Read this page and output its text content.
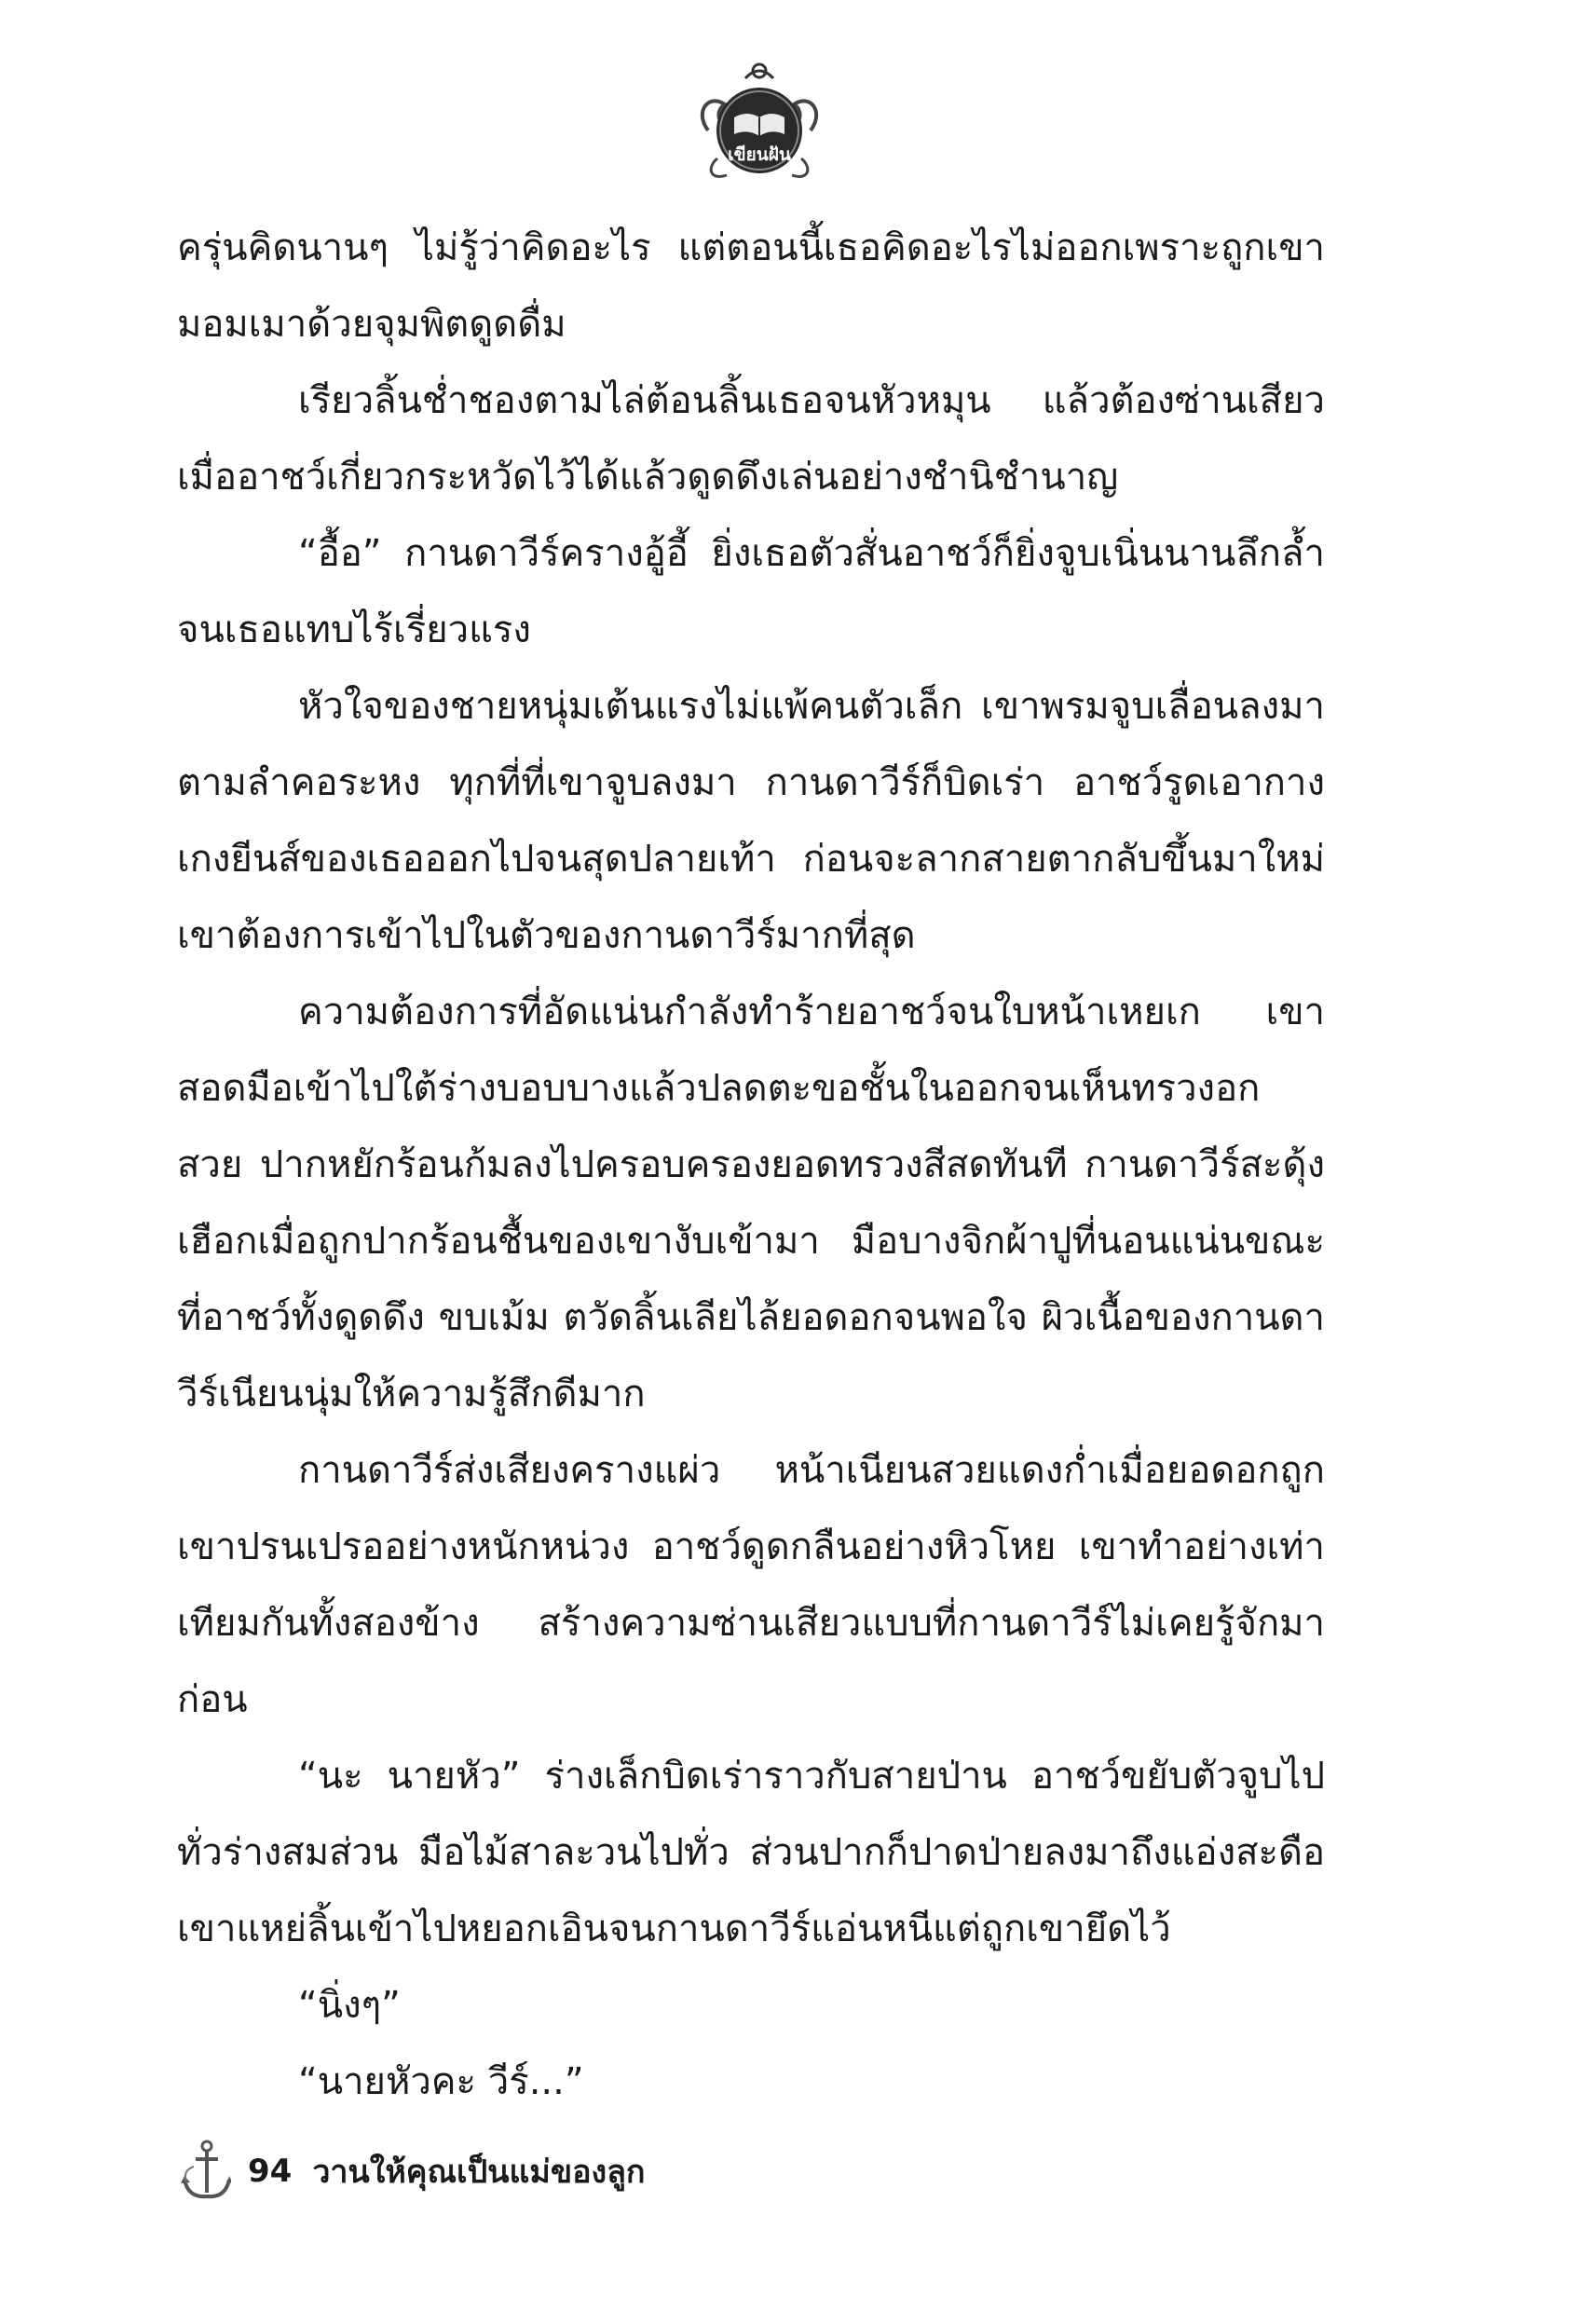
เขียนฝัน

ครุ่นคิดนานๆ ไม่รู้ว่าคิดอะไร แต่ตอนนี้เธอคิดอะไรไม่ออกเพราะถูกเขามอมเมาด้วยจุมพิตดูดดื่ม

เรียวลิ้นช่ำชองตามไล่ต้อนลิ้นเธอจนหัวหมุน แล้วต้องซ่านเสียวเมื่ออาชว์เกี่ยวกระหวัดไว้ได้แล้วดูดดึงเล่นอย่างชำนิชำนาญ

“อื้อ” กานดาวีร์ครางอู้อี้ ยิ่งเธอตัวสั่นอาชว์ก็ยิ่งจูบเนิ่นนานลึกล้ำ จนเธอแทบไร้เรี่ยวแรง

หัวใจของชายหนุ่มเต้นแรงไม่แพ้คนตัวเล็ก เขาพรมจูบเลื่อนลงมาตามลำคอระหง ทุกที่ที่เขาจูบลงมา กานดาวีร์ก็บิดเร่า อาชว์รูดเอากางเกงยีนส์ของเธอออกไปจนสุดปลายเท้า ก่อนจะลากสายตากลับขึ้นมาใหม่ เขาต้องการเข้าไปในตัวของกานดาวีร์มากที่สุด

ความต้องการที่อัดแน่นกำลังทำร้ายอาชว์จนใบหน้าเหยเก เขาสอดมือเข้าไปใต้ร่างบอบบางแล้วปลดตะขอชั้นในออกจนเห็นทรวงอกสวย ปากหยักร้อนก้มลงไปครอบครองยอดทรวงสีสดทันที กานดาวีร์สะดุ้งเฮือกเมื่อถูกปากร้อนชื้นของเขางับเข้ามา มือบางจิกผ้าปูที่นอนแน่นขณะที่อาชว์ทั้งดูดดึง ขบเม้ม ตวัดลิ้นเลียไล้ยอดอกจนพอใจ ผิวเนื้อของกานดาวีร์เนียนนุ่มให้ความรู้สึกดีมาก

กานดาวีร์ส่งเสียงครางแผ่ว หน้าเนียนสวยแดงก่ำเมื่อยอดอกถูกเขาปรนเปรออย่างหนักหน่วง อาชว์ดูดกลืนอย่างหิวโหย เขาทำอย่างเท่าเทียมกันทั้งสองข้าง สร้างความซ่านเสียวแบบที่กานดาวีร์ไม่เคยรู้จักมาก่อน

“นะ นายหัว” ร่างเล็กบิดเร่าราวกับสายป่าน อาชว์ขยับตัวจูบไปทั่วร่างสมส่วน มือไม้สาละวนไปทั่ว ส่วนปากก็ปาดป่ายลงมาถึงแอ่งสะดือ เขาแหย่ลิ้นเข้าไปหยอกเอินจนกานดาวีร์แอ่นหนีแต่ถูกเขายึดไว้

“นิ่งๆ”

“นายหัวคะ วีร์...”

94 วานให้คุณเป็นแม่ของลูก
